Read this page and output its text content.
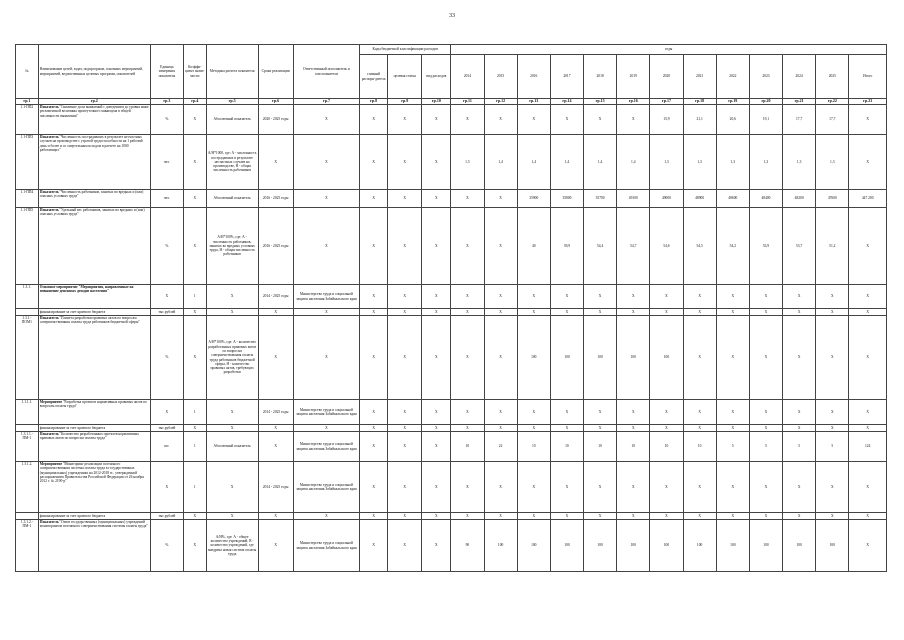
33
№	Наименование целей, задач, подпрограмм, основных мероприятий, мероприятий, ведомственных целевых программ, показателей	Единица измерения показателя	Коэффи-циент значи-мости	Методика расчета показателя	Сроки реализации	Ответственный исполнитель и соисполнители	Коды бюджетной классификации расходов			годы												
							главный распоря-дитель	целевая статья	вид расходов	2014	2015	2016	2017	2018	2019	2020	2021	2022	2023	2024	2025	Итого
гр.1	гр.2	гр.3	гр.4	гр.5	гр.6	гр.7	гр.8	гр.9	гр.10	гр.11	гр.12	гр.13	гр.14	гр.15	гр.16	гр.17	гр.18	гр.19	гр.20	гр.21	гр.22	гр.23
1.1-ПП2	Показатель "Снижение доли выявлений с доведением до уровня ниже регламентной величины пропеуточного минимума в общей численности выявления"	%	Х	Абсолютный показатель	2020 - 2025 годы	Х	Х	Х	Х	Х	Х	Х	Х	Х	Х	15,9	21,1	20,6	19,1	17,7	17,7	Х
1.1-ПП3	Показатель "Численность пострадавших в результате несчастных случаев на производстве с утратой трудоспособности на 1 рабочий день и более и со смертельным исходом в расчете на 1000 работающих"	чел.	Х	А/Н*1000, где: А - численность пострадавших в результате несчастных случаев на производстве, Н - общая численность работников	Х	Х	Х	Х	Х	1,5	1,4	1,4	1,4	1,4	1,4	1,3	1,3	1,3	1,3	1,3	1,3	Х
1.1-ПП4	Показатель "Численность работников, занятых во вредных и (или) опасных условиях труда"	чел.	Х	Абсолютный показатель	2016 - 2025 годы	Х	Х	Х	Х	Х	Х	35900	35800	35700	49100	49000	48900	48600	48400	48200	47600	447 200
1.1-ПП5	Показатель "Удельный вес работников, занятых во вредных и (или) опасных условиях труда"	%	Х	А/Н*100%, где: А - численность работников, занятых во вредных условиях труда, Н - общая численность работников	2016 - 2025 годы	Х	Х	Х	Х	Х	Х	40	39,9	54,4	54,7	54,6	54,5	54,2	53,9	53,7	51,2	Х
1.3.1.	Основное мероприятие "Мероприятия, направленные на повышение денежных доходов населения"	Х	1	Х	2014 - 2025 годы	Министерство труда и социальной защиты населения Забайкальского края	Х	Х	Х	Х	Х	Х	Х	Х	Х	Х	Х	Х	Х	Х	Х	Х
	финансирование за счет краевого бюджета	тыс.рублей	Х	Х	Х	Х	Х	Х	Х	Х	Х	Х	Х	Х	Х	Х	Х	Х	Х	Х	Х	Х
1.3.1.- ПОМ1	Показатель "Планета разработки правовых актов по вопросам совершенствования оплаты труда работников бюджетной сферы"	%	Х	А/Н*100%, где: А - количество разработанных правовых актов по вопросам совершенствования оплаты труда работников бюджетной сферы, Н - количество правовых актов, требующих разработки	Х	Х	Х	Х	Х	Х	Х	100	100	100	100	100	Х	Х	Х	Х	Х	Х
1.1.1.1.	Мероприятие "Разработка проектов нормативных правовых актов по вопросам оплаты труда"	Х	1	Х	2014 - 2025 годы	Министерство труда и социальной защиты населения Забайкальского края	Х	Х	Х	Х	Х	Х	Х	Х	Х	Х	Х	Х	Х	Х	Х	Х
	финансирование за счет краевого бюджета	тыс.рублей	Х	Х	Х	Х	Х	Х	Х	Х	Х	Х	Х	Х	Х	Х	Х	Х	Х	Х	Х	Х
1.3.1.1.- ПМ-1	Показатель "Количество разработанных проектов нормативных правовых актов по вопросам оплаты труда"	шт.	1	Абсолютный показатель	Х	Министерство труда и социальной защиты населения Забайкальского края	Х	Х	Х	10	22	10	10	10	10	10	10	5	5	5	5	124
1.3.1.2.	Мероприятие "Мониторинг реализации поэтапного совершенствования системы оплаты труда в государственных (муниципальных) учреждениях на 2012-2018 гг., утвержденной распоряжением Правительства Российской Федерации от 26 ноября 2012 г. № 2190-р"	Х	1	Х	2014 - 2025 годы	Министерство труда и социальной защиты населения Забайкальского края	Х	Х	Х	Х	Х	Х	Х	Х	Х	Х	Х	Х	Х	Х	Х	Х
	финансирование за счет краевого бюджета	тыс.рублей	Х	Х	Х	Х	Х	Х	Х	Х	Х	Х	Х	Х	Х	Х	Х	Х	Х	Х	Х	Х
1.3.1.2.- ПМ-1	Показатель "Охват государственных (муниципальных) учреждений мониторингом поэтапного совершенствования системы оплаты труда"	%	Х	А/Н%, где: А - общее количество учреждений, В - количество учреждений, где внедрена новая система оплаты труда	Х	Министерство труда и социальной защиты населения Забайкальского края	Х	Х	Х	90	100	100	100	100	100	100	100	100	100	100	100	Х
